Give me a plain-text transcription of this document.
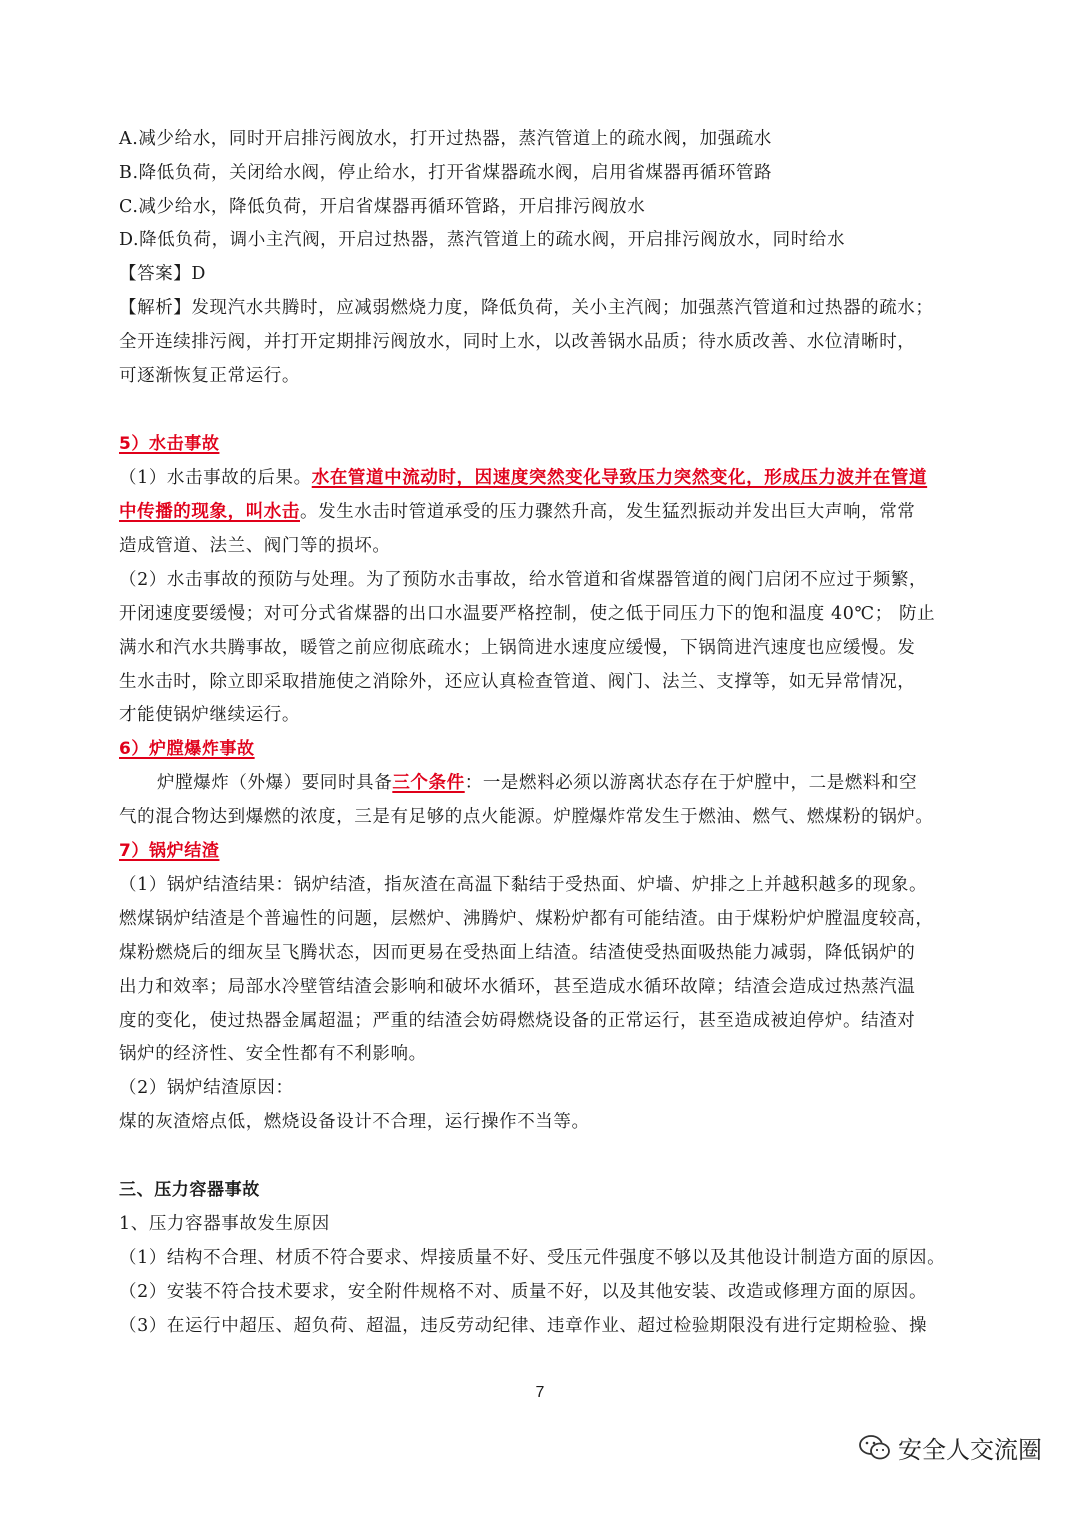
A.减少给水，同时开启排污阀放水，打开过热器，蒸汽管道上的疏水阀，加强疏水
B.降低负荷，关闭给水阀，停止给水，打开省煤器疏水阀，启用省煤器再循环管路
C.减少给水，降低负荷，开启省煤器再循环管路，开启排污阀放水
D.降低负荷，调小主汽阀，开启过热器，蒸汽管道上的疏水阀，开启排污阀放水，同时给水
【答案】D
【解析】发现汽水共腾时，应减弱燃烧力度，降低负荷，关小主汽阀；加强蒸汽管道和过热器的疏水；
全开连续排污阀，并打开定期排污阀放水，同时上水，以改善锅水品质；待水质改善、水位清晰时，
可逐渐恢复正常运行。
5）水击事故
（1）水击事故的后果。水在管道中流动时，因速度突然变化导致压力突然变化，形成压力波并在管道
中传播的现象，叫水击。发生水击时管道承受的压力骤然升高，发生猛烈振动并发出巨大声响，常常
造成管道、法兰、阀门等的损坏。
（2）水击事故的预防与处理。为了预防水击事故，给水管道和省煤器管道的阀门启闭不应过于频繁，
开闭速度要缓慢；对可分式省煤器的出口水温要严格控制，使之低于同压力下的饱和温度 40℃； 防止
满水和汽水共腾事故，暖管之前应彻底疏水；上锅筒进水速度应缓慢，下锅筒进汽速度也应缓慢。发
生水击时，除立即采取措施使之消除外，还应认真检查管道、阀门、法兰、支撑等，如无异常情况，
才能使锅炉继续运行。
6）炉膛爆炸事故
炉膛爆炸（外爆）要同时具备三个条件：一是燃料必须以游离状态存在于炉膛中，二是燃料和空
气的混合物达到爆燃的浓度，三是有足够的点火能源。炉膛爆炸常发生于燃油、燃气、燃煤粉的锅炉。
7）锅炉结渣
（1）锅炉结渣结果：锅炉结渣，指灰渣在高温下黏结于受热面、炉墙、炉排之上并越积越多的现象。
燃煤锅炉结渣是个普遍性的问题，层燃炉、沸腾炉、煤粉炉都有可能结渣。由于煤粉炉炉膛温度较高，
煤粉燃烧后的细灰呈飞腾状态，因而更易在受热面上结渣。结渣使受热面吸热能力减弱，降低锅炉的
出力和效率；局部水冷壁管结渣会影响和破坏水循环，甚至造成水循环故障；结渣会造成过热蒸汽温
度的变化，使过热器金属超温；严重的结渣会妨碍燃烧设备的正常运行，甚至造成被迫停炉。结渣对
锅炉的经济性、安全性都有不利影响。
（2）锅炉结渣原因：
煤的灰渣熔点低，燃烧设备设计不合理，运行操作不当等。
三、压力容器事故
1、压力容器事故发生原因
（1）结构不合理、材质不符合要求、焊接质量不好、受压元件强度不够以及其他设计制造方面的原因。
（2）安装不符合技术要求，安全附件规格不对、质量不好，以及其他安装、改造或修理方面的原因。
（3）在运行中超压、超负荷、超温，违反劳动纪律、违章作业、超过检验期限没有进行定期检验、操
7
安全人交流圈
